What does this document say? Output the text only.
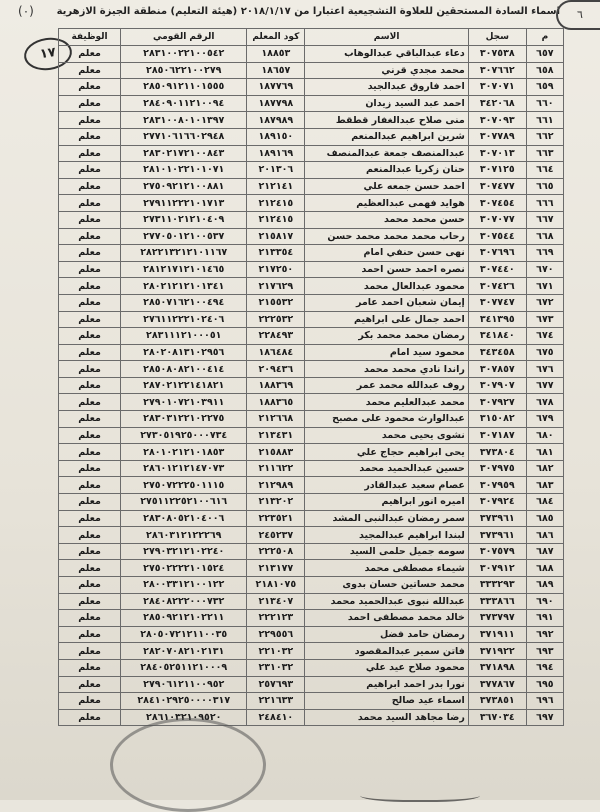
اسماء السادة المستحقين للعلاوة التشجيعية اعتبارا من ٢٠١٨/١/١٧ (هيئة التعليم) منطقة الجيزة الازهرية
(٠)	٦
١٧
م	سجل	الاسم	كود المعلم	الرقم القومي	الوظيفة
٦٥٧	٣٠٧٥٣٨	دعاء عبدالباقي عبدالوهاب	١٨٨٥٣	٢٨٣١٠٠٢٢١٠٠٥٤٢	معلم
٦٥٨	٣٠٧٦٦٢	محمد مجدي قرني	١٨٦٥٧	٢٨٥٠٦٢٢١٠٠٢٧٩	معلم
٦٥٩	٣٠٧٠٧١	احمد فاروق عبدالجيد	١٨٧٧٦٩	٢٨٥٠٩١٢١١٠١٥٥٥	معلم
٦٦٠	٣٤٢٠٦٨	احمد عبد السيد زيدان	١٨٧٧٩٨	٢٨٤٠٩٠١١٢١٠٠٩٤	معلم
٦٦١	٣٠٧٠٩٣	منى صلاح عبدالغفار قطقط	١٨٧٩٨٩	٢٨٣١٠٠٨٠١٠١٣٩٧	معلم
٦٦٢	٣٠٧٧٨٩	شرين ابراهيم عبدالمنعم	١٨٩١٥٠	٢٧٧١٠٦١٦٦٠٢٩٤٨	معلم
٦٦٣	٣٠٧٠١٣	عبدالمنصف جمعة عبدالمنصف	١٨٩١٦٩	٢٨٣٠٢١٧٢١٠٠٨٤٣	معلم
٦٦٤	٣٠٧١٢٥	حنان زكريا عبدالمنعم	٢٠١٣٠٦	٢٨١٠١٠٢٢١٠١٠٧١	معلم
٦٦٥	٣٠٧٤٧٧	احمد حسن جمعه علي	٢١٢١٤١	٢٧٥٠٩٢١٢١٠٠٨٨١	معلم
٦٦٦	٣٠٧٤٥٤	هوايد فهمى عبدالعظيم	٢١٢٤١٥	٢٧٩١١٢٢٢١٠١٧١٣	معلم
٦٦٧	٣٠٧٠٧٧	حسن محمد محمد	٢١٢٤١٥	٢٧٣١١٠٢١٢١٠٤٠٩	معلم
٦٦٨	٣٠٧٥٤٤	رحاب محمد محمد محمد حسن	٢١٥٨١٧	٢٧٧٠٥٠١٢١٠٠٥٣٧	معلم
٦٦٩	٣٠٧٦٩٦	نهى حسن حنفي امام	٢١٣٣٥٤	٢٨٢٢١٣٢١٢١٠١١٦٧	معلم
٦٧٠	٣٠٧٤٤٠	نصره احمد حسن احمد	٢١٧٢٥٠	٢٨١٢١٧١٢١٠١٤٦٥	معلم
٦٧١	٣٠٧٤٢٦	محمود عبدالعال محمد	٢١٧٦٢٩	٢٨٠٢١٢١٢١٠١٣٤١	معلم
٦٧٢	٣٠٧٧٤٧	إيمان شعبان احمد عامر	٢١٥٥٣٢	٢٨٥٠٧١٦٢١٠٠٤٩٤	معلم
٦٧٣	٣٤١٣٩٥	احمد جمال على ابراهيم	٢٢٢٥٣٢	٢٧٦١١٢٢٢١٠٢٤٠٦	معلم
٦٧٤	٣٤١٨٤٠	رمضان محمد محمد بكر	٢٢٨٤٩٣	٢٨٣١١١٢١٠٠٠٥١	معلم
٦٧٥	٣٤٣٤٥٨	محمود سيد امام	١٨٦٤٨٤	٢٨٠٢٠٨١٣١٠٢٩٥٦	معلم
٦٧٦	٣٠٧٨٥٧	راندا نادي محمد محمد	٢٠٩٤٣٦	٢٨٥٠٨٠٨٢١٠٠٤١٤	معلم
٦٧٧	٣٠٧٩٠٧	روف عبدالله محمد عمر	١٨٨٣٦٩	٢٨٧٠٢١٢٢١٤١٨٢١	معلم
٦٧٨	٣٠٧٩٢٧	محمد عبدالعليم محمد	١٨٨٣٦٥	٢٧٩٠١٠٧٢١٠٣٩١١	معلم
٦٧٩	٣١٥٠٨٢	عبدالوارث محمود على مصبح	٢١٢٦٦٨	٢٨٣٠٣١٢٢١٠٢٢٧٥	معلم
٦٨٠	٣٠٧١٨٧	نشوى يحيى محمد	٢١٣٤٣١	٢٧٣٠٥١٩٢٥٠٠٠٧٣٤	معلم
٦٨١	٣٧٣٨٠٤	يحى ابراهيم حجاج علي	٢١٥٨٨٣	٢٨٠١٠٢١٢١٠١٨٥٣	معلم
٦٨٢	٣٠٧٩٧٥	حسين عبدالحميد محمد	٢١١٦٢٢	٢٨٦٠١٢١٢١٤٧٠٧٣	معلم
٦٨٣	٣٠٧٩٥٩	عصام سعيد عبدالقادر	٢١٢٩٨٩	٢٧٥٠٧٢٢٢٥٠١١١٥	معلم
٦٨٤	٣٠٧٩٢٤	اميره انور ابراهيم	٢١٣٢٠٢	٢٧٥١١٢٢٥٢١٠٠٦١٦	معلم
٦٨٥	٣٧٣٩٦١	سمر رمضان عبدالنبى المشد	٢٢٣٥٢١	٢٨٣٠٨٠٥٢١٠٤٠٠٦	معلم
٦٨٦	٣٧٣٩٦١	لبندا ابراهيم عبدالمجيد	٢٤٥٢٣٧	٢٨٦٠٣١٢١٢٢٢٦٩	معلم
٦٨٧	٣٠٧٥٧٩	سومه جميل حلمى السيد	٢٢٢٥٠٨	٢٧٩٠٣٢١٢١٠٢٢٤٠	معلم
٦٨٨	٣٠٧٩١٢	شيماء مصطفى محمد	٢١٣١٧٧	٢٧٥٠٢٢٢٢١٠١٥٢٤	معلم
٦٨٩	٣٣٣٢٩٣	محمد حساتين حسان بدوى	٢١٨١٠٧٥	٢٨٠٠٣٣١٢١٠٠١٢٢	معلم
٦٩٠	٣٣٣٨٦٦	عبدالله نبوى عبدالحميد محمد	٢١٣٤٠٧	٢٨٤٠٨٢٢٢٠٠٠٧٣٢	معلم
٦٩١	٣٧٣٧٩٧	خالد محمد مصطفى احمد	٢٢٢١٢٣	٢٨٥٠٩٢١٢١٠٢٢١١	معلم
٦٩٢	٣٧١٩١١	رمضان حامد فضل	٢٢٩٥٥٦	٢٨٠٥٠٧٢١٢١١٠٠٣٥	معلم
٦٩٣	٣٧١٩٢٢	فاتن سمير عبدالمقصود	٢٢١٠٣٢	٢٨٢٠٧٠٨٢١٠٢١٣١	معلم
٦٩٤	٣٧١٨٩٨	محمود صلاح عيد علي	٢٣١٠٣٢	٢٨٤٠٥٢٥١١٢١٠٠٠٩	معلم
٦٩٥	٣٧٧٨٦٧	نورا بدر احمد ابراهيم	٢٥٧٦٩٣	٢٧٩٠٦١٢١١٠٠٩٥٢	معلم
٦٩٦	٣٧٣٨٥١	اسماء عيد صالح	٢٢١٦٣٣	٢٨٤١٠٢٩٢٥٠٠٠٠٣١٧	معلم
٦٩٧	٣٦٧٠٣٤	رضا مجاهد السيد محمد	٢٤٨٤١٠	٢٨٦١٠٣٢١٠٩٥٢٠	معلم
